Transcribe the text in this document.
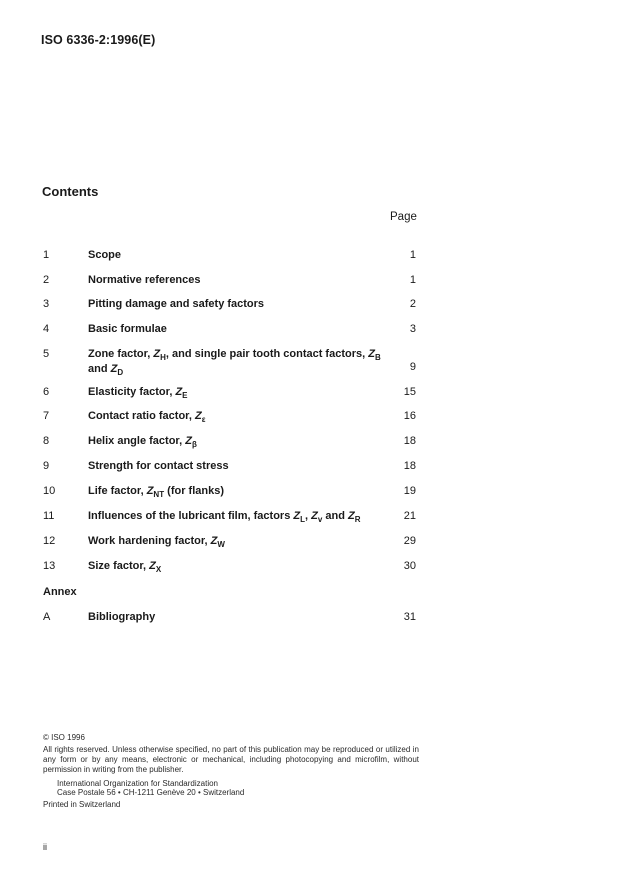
ISO 6336-2:1996(E)
Contents
Page
1	Scope	1
2	Normative references	1
3	Pitting damage and safety factors	2
4	Basic formulae	3
5	Zone factor, $Z_H$, and single pair tooth contact factors, $Z_B$
and $Z_D$	9
6	Elasticity factor, $Z_E$	15
7	Contact ratio factor, $Z_\varepsilon$	16
8	Helix angle factor, $Z_\beta$	18
9	Strength for contact stress	18
10	Life factor, $Z_{NT}$ (for flanks)	19
11	Influences of the lubricant film, factors $Z_L$, $Z_v$ and $Z_R$	21
12	Work hardening factor, $Z_W$	29
13	Size factor, $Z_X$	30
Annex
A	Bibliography	31
© ISO 1996
All rights reserved. Unless otherwise specified, no part of this publication may be reproduced or utilized in any form or by any means, electronic or mechanical, including photocopying and microfilm, without permission in writing from the publisher.
International Organization for Standardization
Case Postale 56 • CH-1211 Genève 20 • Switzerland
Printed in Switzerland
ii
